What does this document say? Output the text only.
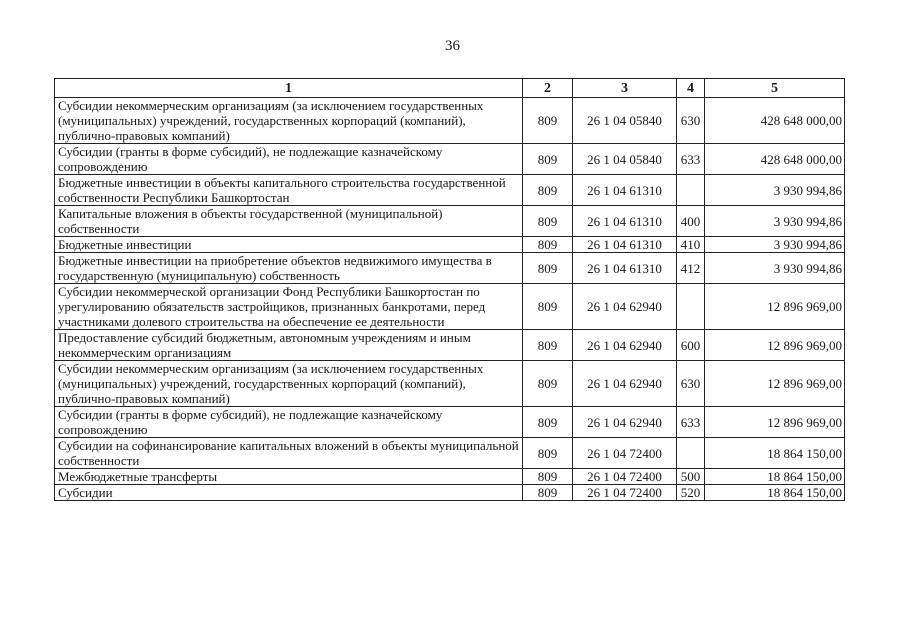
36
1	2	3	4	5
Субсидии некоммерческим организациям (за исключением государственных (муниципальных) учреждений, государственных корпораций (компаний), публично-правовых компаний)	809	26 1 04 05840	630	428 648 000,00
Субсидии (гранты в форме субсидий), не подлежащие казначейскому сопровождению	809	26 1 04 05840	633	428 648 000,00
Бюджетные инвестиции в объекты капитального строительства государственной собственности Республики Башкортостан	809	26 1 04 61310		3 930 994,86
Капитальные вложения в объекты государственной (муниципальной) собственности	809	26 1 04 61310	400	3 930 994,86
Бюджетные инвестиции	809	26 1 04 61310	410	3 930 994,86
Бюджетные инвестиции на приобретение объектов недвижимого имущества в государственную (муниципальную) собственность	809	26 1 04 61310	412	3 930 994,86
Субсидии некоммерческой организации Фонд Республики Башкортостан по урегулированию обязательств застройщиков, признанных банкротами, перед участниками долевого строительства на обеспечение ее деятельности	809	26 1 04 62940		12 896 969,00
Предоставление субсидий бюджетным, автономным учреждениям и иным некоммерческим организациям	809	26 1 04 62940	600	12 896 969,00
Субсидии некоммерческим организациям (за исключением государственных (муниципальных) учреждений, государственных корпораций (компаний), публично-правовых компаний)	809	26 1 04 62940	630	12 896 969,00
Субсидии (гранты в форме субсидий), не подлежащие казначейскому сопровождению	809	26 1 04 62940	633	12 896 969,00
Субсидии на софинансирование капитальных вложений в объекты муниципальной собственности	809	26 1 04 72400		18 864 150,00
Межбюджетные трансферты	809	26 1 04 72400	500	18 864 150,00
Субсидии	809	26 1 04 72400	520	18 864 150,00
